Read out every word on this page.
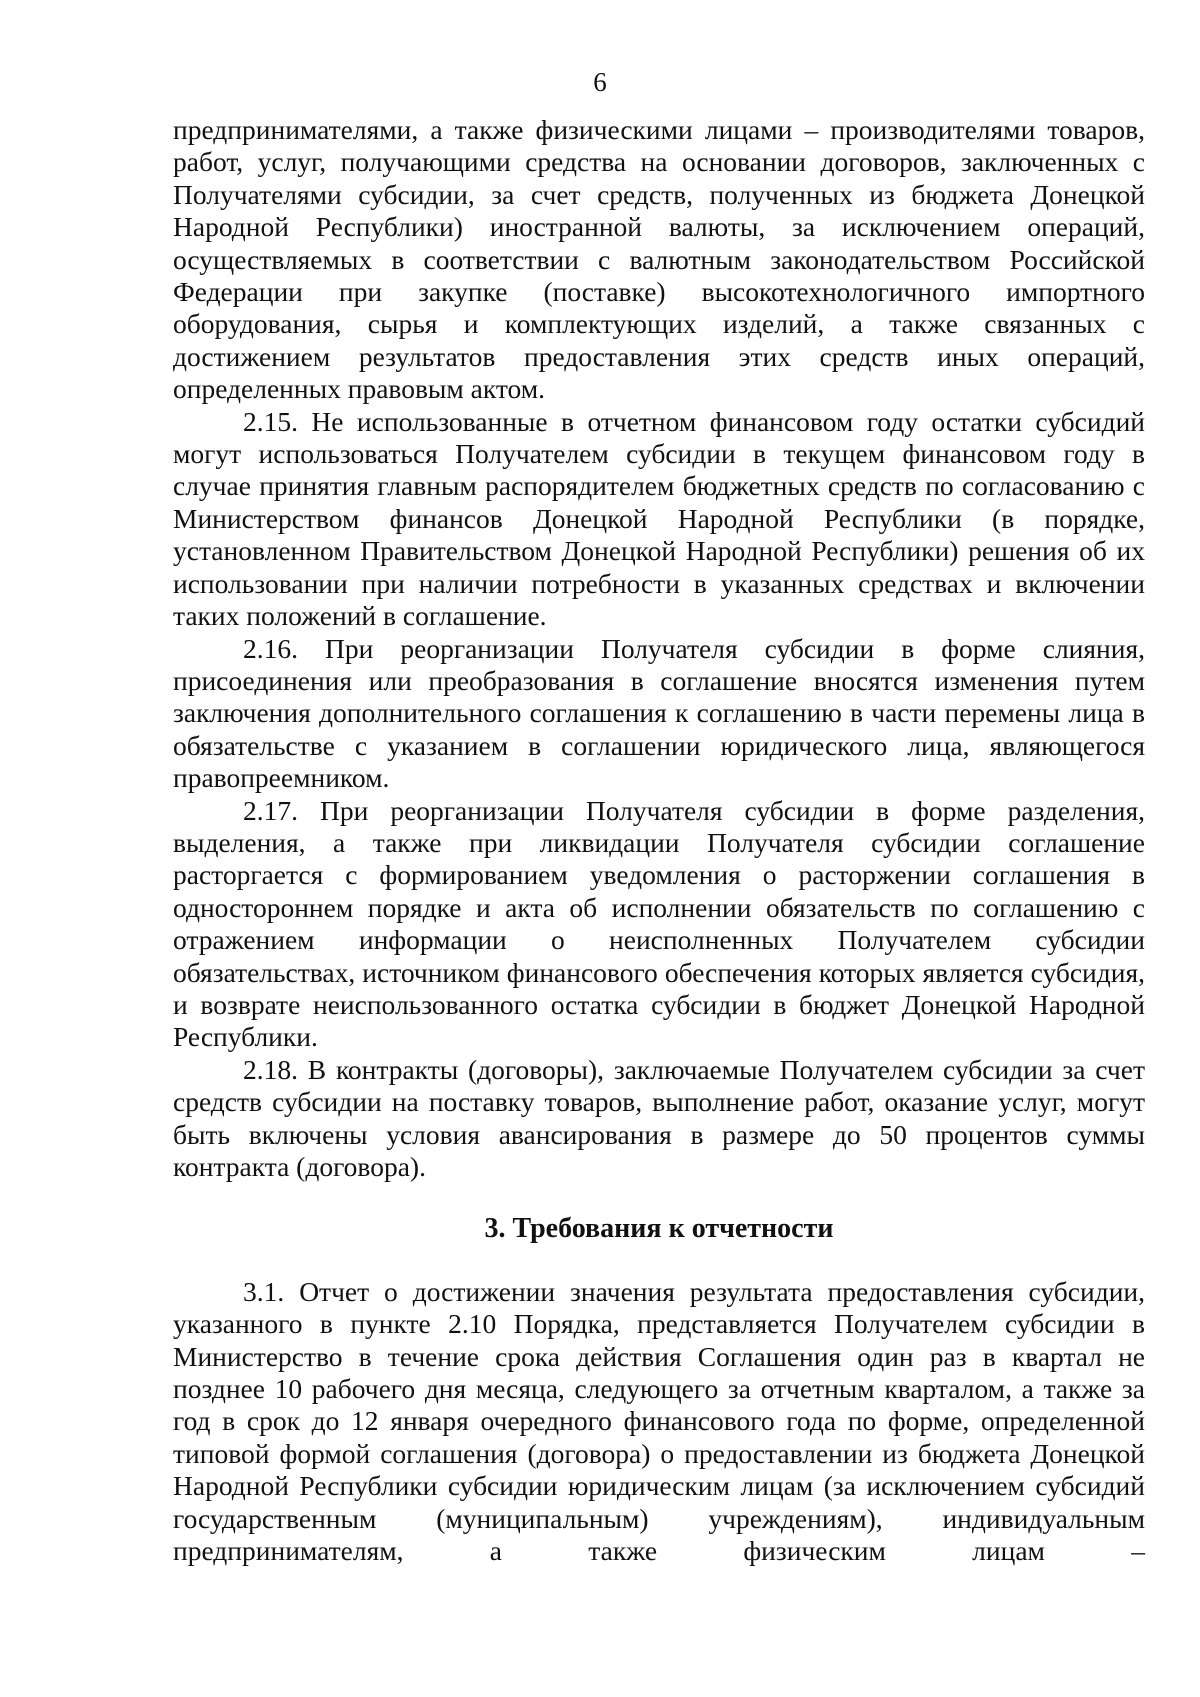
6

предпринимателями, а также физическими лицами – производителями товаров, работ, услуг, получающими средства на основании договоров, заключенных с Получателями субсидии, за счет средств, полученных из бюджета Донецкой Народной Республики) иностранной валюты, за исключением операций, осуществляемых в соответствии с валютным законодательством Российской Федерации при закупке (поставке) высокотехнологичного импортного оборудования, сырья и комплектующих изделий, а также связанных с достижением результатов предоставления этих средств иных операций, определенных правовым актом.

2.15. Не использованные в отчетном финансовом году остатки субсидий могут использоваться Получателем субсидии в текущем финансовом году в случае принятия главным распорядителем бюджетных средств по согласованию с Министерством финансов Донецкой Народной Республики (в порядке, установленном Правительством Донецкой Народной Республики) решения об их использовании при наличии потребности в указанных средствах и включении таких положений в соглашение.

2.16. При реорганизации Получателя субсидии в форме слияния, присоединения или преобразования в соглашение вносятся изменения путем заключения дополнительного соглашения к соглашению в части перемены лица в обязательстве с указанием в соглашении юридического лица, являющегося правопреемником.

2.17. При реорганизации Получателя субсидии в форме разделения, выделения, а также при ликвидации Получателя субсидии соглашение расторгается с формированием уведомления о расторжении соглашения в одностороннем порядке и акта об исполнении обязательств по соглашению с отражением информации о неисполненных Получателем субсидии обязательствах, источником финансового обеспечения которых является субсидия, и возврате неиспользованного остатка субсидии в бюджет Донецкой Народной Республики.

2.18. В контракты (договоры), заключаемые Получателем субсидии за счет средств субсидии на поставку товаров, выполнение работ, оказание услуг, могут быть включены условия авансирования в размере до 50 процентов суммы контракта (договора).

3. Требования к отчетности

3.1. Отчет о достижении значения результата предоставления субсидии, указанного в пункте 2.10 Порядка, представляется Получателем субсидии в Министерство в течение срока действия Соглашения один раз в квартал не позднее 10 рабочего дня месяца, следующего за отчетным кварталом, а также за год в срок до 12 января очередного финансового года по форме, определенной типовой формой соглашения (договора) о предоставлении из бюджета Донецкой Народной Республики субсидии юридическим лицам (за исключением субсидий государственным (муниципальным) учреждениям), индивидуальным предпринимателям, а также физическим лицам –
